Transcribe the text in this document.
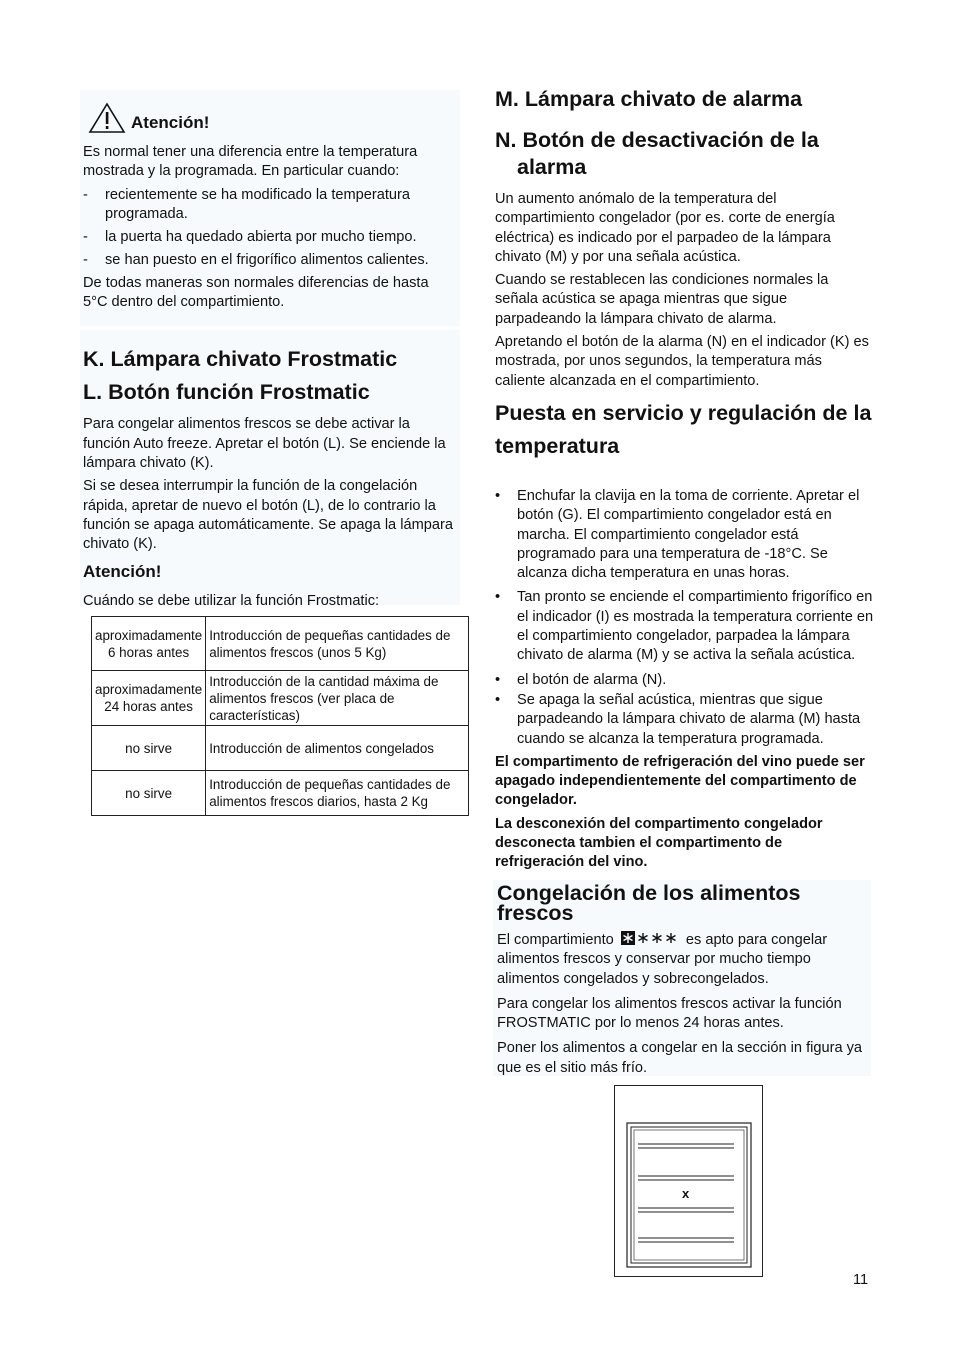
Atención!

Es normal tener una diferencia entre la temperatura mostrada y la programada. En particular cuando:

- recientemente se ha modificado la temperatura programada.
- la puerta ha quedado abierta por mucho tiempo.
- se han puesto en el frigorífico alimentos calientes.

De todas maneras son normales diferencias de hasta 5°C dentro del compartimiento.

K. Lámpara chivato Frostmatic

L. Botón función Frostmatic

Para congelar alimentos frescos se debe activar la función Auto freeze. Apretar el botón (L). Se enciende la lámpara chivato (K).

Si se desea interrumpir la función de la congelación rápida, apretar de nuevo el botón (L), de lo contrario la función se apaga automáticamente. Se apaga la lámpara chivato (K).

Atención!

Cuándo se debe utilizar la función Frostmatic:

aproximadamente 6 horas antes	Introducción de pequeñas cantidades de alimentos frescos (unos 5 Kg)
aproximadamente 24 horas antes	Introducción de la cantidad máxima de alimentos frescos (ver placa de características)
no sirve	Introducción de alimentos congelados
no sirve	Introducción de pequeñas cantidades de alimentos frescos diarios, hasta 2 Kg

M. Lámpara chivato de alarma

N. Botón de desactivación de la alarma

Un aumento anómalo de la temperatura del compartimiento congelador (por es. corte de energía eléctrica) es indicado por el parpadeo de la lámpara chivato (M) y por una señala acústica.

Cuando se restablecen las condiciones normales la señala acústica se apaga mientras que sigue parpadeando la lámpara chivato de alarma.

Apretando el botón de la alarma (N) en el indicador (K) es mostrada, por unos segundos, la temperatura más caliente alcanzada en el compartimiento.

Puesta en servicio y regulación de la temperatura

• Enchufar la clavija en la toma de corriente. Apretar el botón (G). El compartimiento congelador está en marcha. El compartimiento congelador está programado para una temperatura de -18°C. Se alcanza dicha temperatura en unas horas.
• Tan pronto se enciende el compartimiento frigorífico en el indicador (I) es mostrada la temperatura corriente en el compartimiento congelador, parpadea la lámpara chivato de alarma (M) y se activa la señala acústica.
• el botón de alarma (N).
• Se apaga la señal acústica, mientras que sigue parpadeando la lámpara chivato de alarma (M) hasta cuando se alcanza la temperatura programada.

El compartimento de refrigeración del vino puede ser apagado independientemente del compartimento de congelador.

La desconexión del compartimento congelador desconecta tambien el compartimento de refrigeración del vino.

Congelación de los alimentos frescos

El compartimiento	es apto para congelar alimentos frescos y conservar por mucho tiempo alimentos congelados y sobrecongelados.

Para congelar los alimentos frescos activar la función FROSTMATIC por lo menos 24 horas antes.

Poner los alimentos a congelar en la sección in figura ya que es el sitio más frío.

x
11
